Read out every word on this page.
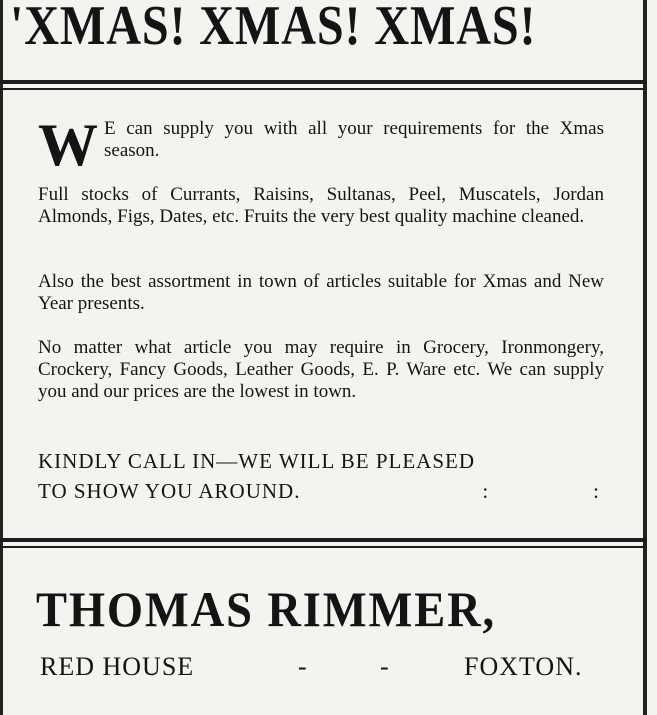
'XMAS! XMAS! XMAS!
W E can supply you with all your requirements for the Xmas season.
Full stocks of Currants, Raisins, Sultanas, Peel, Muscatels, Jordan Almonds, Figs, Dates, etc. Fruits the very best quality machine cleaned.
Also the best assortment in town of articles suitable for Xmas and New Year presents.
No matter what article you may require in Grocery, Ironmongery, Crockery, Fancy Goods, Leather Goods, E. P. Ware etc. We can supply you and our prices are the lowest in town.
KINDLY CALL IN—WE WILL BE PLEASED
TO SHOW YOU AROUND.	:	:
THOMAS RIMMER,
RED HOUSE	-	-	FOXTON.
